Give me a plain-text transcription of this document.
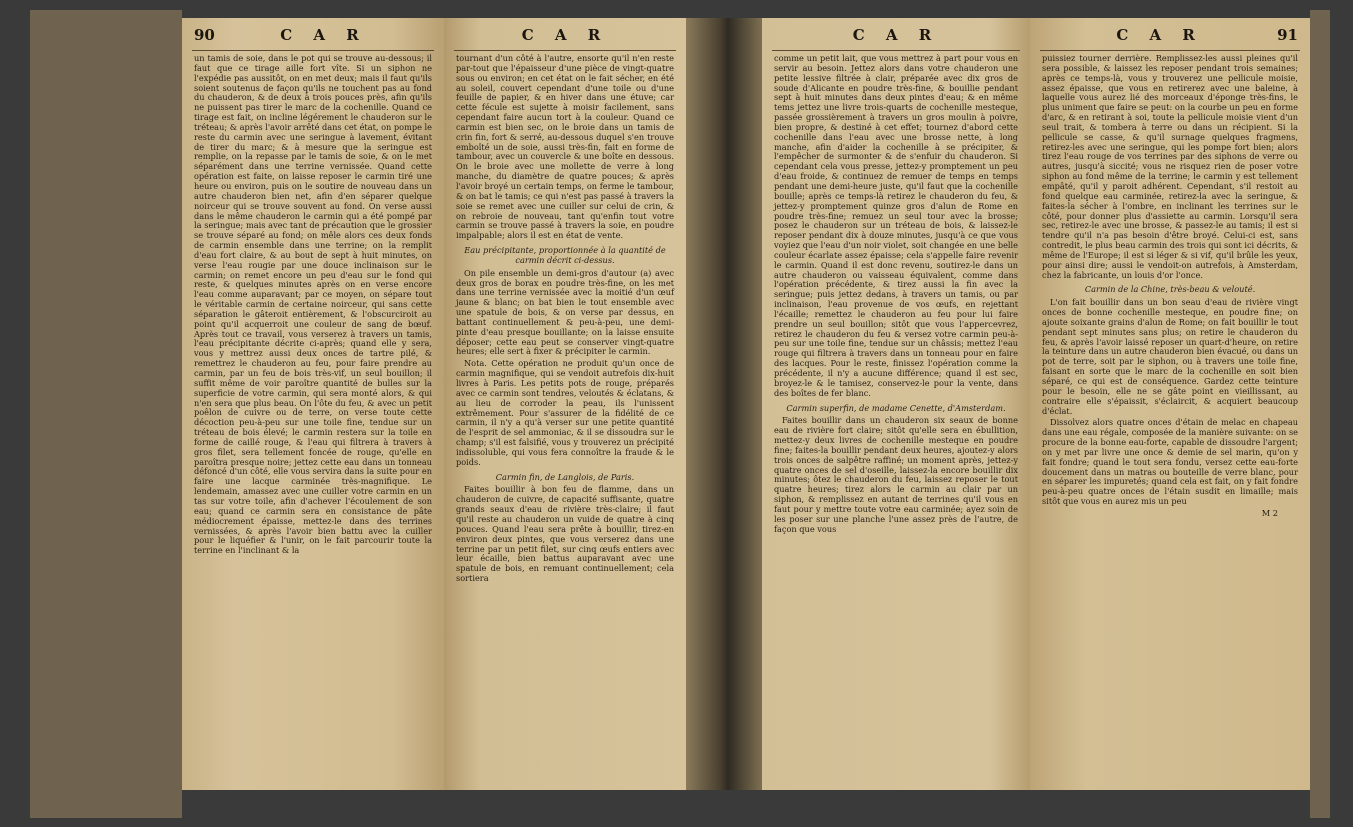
90	C A R

un tamis de soie, dans le pot qui se trouve au-dessous; il faut que ce tirage aille fort vîte. Si un siphon ne l'expédie pas aussitôt, on en met deux; mais il faut qu'ils soient soutenus de façon qu'ils ne touchent pas au fond du chauderon, & de deux à trois pouces près, afin qu'ils ne puissent pas tirer le marc de la cochenille. Quand ce tirage est fait, on incline légérement le chauderon sur le tréteau; & après l'avoir arrêté dans cet état, on pompe le reste du carmin avec une seringue à lavement, évitant de tirer du marc; & à mesure que la seringue est remplie, on la repasse par le tamis de soie, & on le met séparément dans une terrine vernissée. Quand cette opération est faite, on laisse reposer le carmin tiré une heure ou environ, puis on le soutire de nouveau dans un autre chauderon bien net, afin d'en séparer quelque noirceur qui se trouve souvent au fond. On verse aussi dans le même chauderon le carmin qui a été pompé par la seringue; mais avec tant de précaution que le grossier se trouve séparé au fond; on mêle alors ces deux fonds de carmin ensemble dans une terrine; on la remplit d'eau fort claire, & au bout de sept à huit minutes, on verse l'eau rougie par une douce inclinaison sur le carmin; on remet encore un peu d'eau sur le fond qui reste, & quelques minutes après on en verse encore l'eau comme auparavant; par ce moyen, on sépare tout le véritable carmin de certaine noirceur, qui sans cette séparation le gâteroit entièrement, & l'obscurciroit au point qu'il acquerroit une couleur de sang de bœuf. Après tout ce travail, vous verserez à travers un tamis, l'eau précipitante décrite ci-après; quand elle y sera, vous y mettrez aussi deux onces de tartre pilé, & remettrez le chauderon au feu, pour faire prendre au carmin, par un feu de bois très-vif, un seul bouillon; il suffit même de voir paroître quantité de bulles sur la superficie de votre carmin, qui sera monté alors, & qui n'en sera que plus beau. On l'ôte du feu, & avec un petit poêlon de cuivre ou de terre, on verse toute cette décoction peu-à-peu sur une toile fine, tendue sur un tréteau de bois élevé; le carmin restera sur la toile en forme de caillé rouge, & l'eau qui filtrera à travers à gros filet, sera tellement foncée de rouge, qu'elle en paroîtra presque noire; jettez cette eau dans un tonneau défoncé d'un côté, elle vous servira dans la suite pour en faire une lacque carminée très-magnifique. Le lendemain, amassez avec une cuiller votre carmin en un tas sur votre toile, afin d'achever l'écoulement de son eau; quand ce carmin sera en consistance de pâte médiocrement épaisse, mettez-le dans des terrines vernissées, & après l'avoir bien battu avec la cuiller pour le liquéfier & l'unir, on le fait parcourir toute la terrine en l'inclinant & la

C A R

tournant d'un côté à l'autre, ensorte qu'il n'en reste par-tout que l'épaisseur d'une pièce de vingt-quatre sous ou environ; en cet état on le fait sécher, en été au soleil, couvert cependant d'une toile ou d'une feuille de papier, & en hiver dans une étuve; car cette fécule est sujette à moisir facilement, sans cependant faire aucun tort à la couleur. Quand ce carmin est bien sec, on le broie dans un tamis de crin fin, fort & serré, au-dessous duquel s'en trouve emboîté un de soie, aussi très-fin, fait en forme de tambour, avec un couvercle & une boîte en dessous. On le broie avec une mollette de verre à long manche, du diamètre de quatre pouces; & après l'avoir broyé un certain temps, on ferme le tambour, & on bat le tamis; ce qui n'est pas passé à travers la soie se remet avec une cuiller sur celui de crin, & on rebroie de nouveau, tant qu'enfin tout votre carmin se trouve passé à travers la soie, en poudre impalpable; alors il est en état de vente.

Eau précipitante, proportionnée à la quantité de carmin décrit ci-dessus.

On pile ensemble un demi-gros d'autour (a) avec deux gros de borax en poudre très-fine, on les met dans une terrine vernissée avec la moitié d'un œuf jaune & blanc; on bat bien le tout ensemble avec une spatule de bois, & on verse par dessus, en battant continuellement & peu-à-peu, une demi-pinte d'eau presque bouillante; on la laisse ensuite déposer; cette eau peut se conserver vingt-quatre heures; elle sert à fixer & précipiter le carmin.

Nota. Cette opération ne produit qu'un once de carmin magnifique, qui se vendoit autrefois dix-huit livres à Paris. Les petits pots de rouge, préparés avec ce carmin sont tendres, veloutés & éclatans, & au lieu de corroder la peau, ils l'unissent extrêmement. Pour s'assurer de la fidélité de ce carmin, il n'y a qu'à verser sur une petite quantité de l'esprit de sel ammoniac, & il se dissoudra sur le champ; s'il est falsifié, vous y trouverez un précipité indissoluble, qui vous fera connoître la fraude & le poids.

Carmin fin, de Langlois, de Paris.

Faites bouillir à bon feu de flamme, dans un chauderon de cuivre, de capacité suffisante, quatre grands seaux d'eau de rivière très-claire; il faut qu'il reste au chauderon un vuide de quatre à cinq pouces. Quand l'eau sera prête à bouillir, tirez-en environ deux pintes, que vous verserez dans une terrine par un petit filet, sur cinq œufs entiers avec leur écaille, bien battus auparavant avec une spatule de bois, en remuant continuellement; cela sortiera

C A R

comme un petit lait, que vous mettrez à part pour vous en servir au besoin. Jettez alors dans votre chauderon une petite lessive filtrée à clair, préparée avec dix gros de soude d'Alicante en poudre très-fine, & bouillie pendant sept à huit minutes dans deux pintes d'eau; & en même tems jettez une livre trois-quarts de cochenille mesteque, passée grossièrement à travers un gros moulin à poivre, bien propre, & destiné à cet effet; tournez d'abord cette cochenille dans l'eau avec une brosse nette, à long manche, afin d'aider la cochenille à se précipiter, & l'empêcher de surmonter & de s'enfuir du chauderon. Si cependant cela vous presse, jettez-y promptement un peu d'eau froide, & continuez de remuer de temps en temps pendant une demi-heure juste, qu'il faut que la cochenille bouille; après ce temps-là retirez le chauderon du feu, & jettez-y promptement quinze gros d'alun de Rome en poudre très-fine; remuez un seul tour avec la brosse; posez le chauderon sur un tréteau de bois, & laissez-le reposer pendant dix à douze minutes, jusqu'à ce que vous voyiez que l'eau d'un noir violet, soit changée en une belle couleur écarlate assez épaisse; cela s'appelle faire revenir le carmin. Quand il est donc revenu, soutirez-le dans un autre chauderon ou vaisseau équivalent, comme dans l'opération précédente, & tirez aussi la fin avec la seringue; puis jettez dedans, à travers un tamis, ou par inclinaison, l'eau provenue de vos œufs, en rejettant l'écaille; remettez le chauderon au feu pour lui faire prendre un seul bouillon; sitôt que vous l'appercevrez, retirez le chauderon du feu & versez votre carmin peu-à-peu sur une toile fine, tendue sur un châssis; mettez l'eau rouge qui filtrera à travers dans un tonneau pour en faire des lacques. Pour le reste, finissez l'opération comme la précédente, il n'y a aucune différence; quand il est sec, broyez-le & le tamisez, conservez-le pour la vente, dans des boîtes de fer blanc.

Carmin superfin, de madame Cenette, d'Amsterdam.

Faites bouillir dans un chauderon six seaux de bonne eau de rivière fort claire; sitôt qu'elle sera en ébullition, mettez-y deux livres de cochenille mesteque en poudre fine; faites-la bouillir pendant deux heures, ajoutez-y alors trois onces de salpêtre raffiné; un moment après, jettez-y quatre onces de sel d'oseille, laissez-la encore bouillir dix minutes; ôtez le chauderon du feu, laissez reposer le tout quatre heures; tirez alors le carmin au clair par un siphon, & remplissez en autant de terrines qu'il vous en faut pour y mettre toute votre eau carminée; ayez soin de les poser sur une planche l'une assez près de l'autre, de façon que vous

C A R	91

puissiez tourner derrière. Remplissez-les aussi pleines qu'il sera possible, & laissez les reposer pendant trois semaines; après ce temps-là, vous y trouverez une pellicule moisie, assez épaisse, que vous en retirerez avec une baleine, à laquelle vous aurez lié des morceaux d'éponge très-fins, le plus uniment que faire se peut: on la courbe un peu en forme d'arc, & en retirant à soi, toute la pellicule moisie vient d'un seul trait, & tombera à terre ou dans un récipient. Si la pellicule se casse, & qu'il surnage quelques fragmens, retirez-les avec une seringue, qui les pompe fort bien; alors tirez l'eau rouge de vos terrines par des siphons de verre ou autres, jusqu'à siccité; vous ne risquez rien de poser votre siphon au fond même de la terrine; le carmin y est tellement empâté, qu'il y paroit adhérent. Cependant, s'il restoit au fond quelque eau carminée, retirez-la avec la seringue, & faites-la sécher à l'ombre, en inclinant les terrines sur le côté, pour donner plus d'assiette au carmin. Lorsqu'il sera sec, retirez-le avec une brosse, & passez-le au tamis; il est si tendre qu'il n'a pas besoin d'être broyé. Celui-ci est, sans contredit, le plus beau carmin des trois qui sont ici décrits, & même de l'Europe; il est si léger & si vif, qu'il brûle les yeux, pour ainsi dire; aussi le vendoit-on autrefois, à Amsterdam, chez la fabricante, un louis d'or l'once.

Carmin de la Chine, très-beau & velouté.

L'on fait bouillir dans un bon seau d'eau de rivière vingt onces de bonne cochenille mesteque, en poudre fine; on ajoute soixante grains d'alun de Rome; on fait bouillir le tout pendant sept minutes sans plus; on retire le chauderon du feu, & après l'avoir laissé reposer un quart-d'heure, on retire la teinture dans un autre chauderon bien évacué, ou dans un pot de terre, soit par le siphon, ou à travers une toile fine, faisant en sorte que le marc de la cochenille en soit bien séparé, ce qui est de conséquence. Gardez cette teinture pour le besoin, elle ne se gâte point en vieillissant, au contraire elle s'épaissit, s'éclaircit, & acquiert beaucoup d'éclat.

Dissolvez alors quatre onces d'étain de melac en chapeau dans une eau régale, composée de la manière suivante: on se procure de la bonne eau-forte, capable de dissoudre l'argent; on y met par livre une once & demie de sel marin, qu'on y fait fondre; quand le tout sera fondu, versez cette eau-forte doucement dans un matras ou bouteille de verre blanc, pour en séparer les impuretés; quand cela est fait, on y fait fondre peu-à-peu quatre onces de l'étain susdit en limaille; mais sitôt que vous en aurez mis un peu

M 2
